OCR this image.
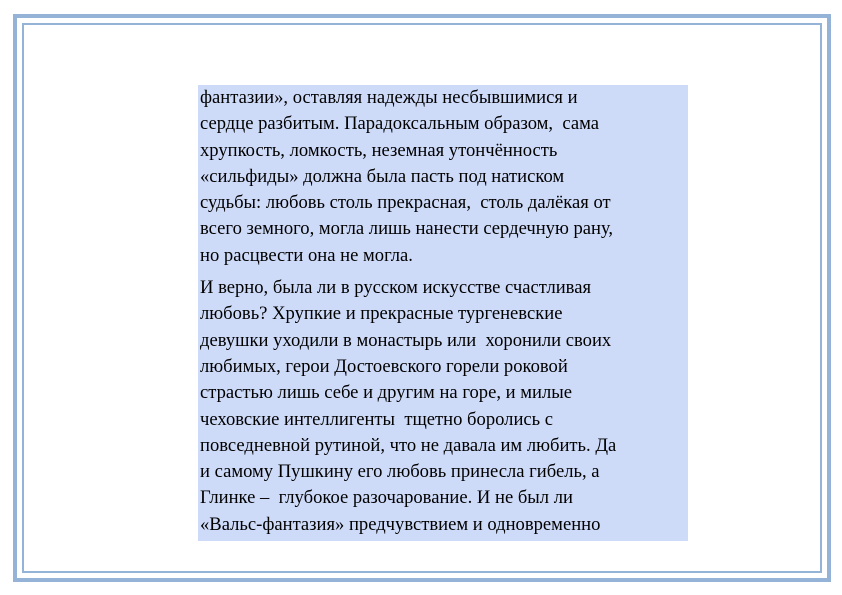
фантазии», оставляя надежды несбывшимися и
сердце разбитым. Парадоксальным образом,  сама
хрупкость, ломкость, неземная утончённость
«сильфиды» должна была пасть под натиском
судьбы: любовь столь прекрасная,  столь далёкая от
всего земного, могла лишь нанести сердечную рану,
но расцвести она не могла.

И верно, была ли в русском искусстве счастливая
любовь? Хрупкие и прекрасные тургеневские
девушки уходили в монастырь или  хоронили своих
любимых, герои Достоевского горели роковой
страстью лишь себе и другим на горе, и милые
чеховские интеллигенты  тщетно боролись с
повседневной рутиной, что не давала им любить. Да
и самому Пушкину его любовь принесла гибель, а
Глинке –  глубокое разочарование. И не был ли
«Вальс-фантазия» предчувствием и одновременно
